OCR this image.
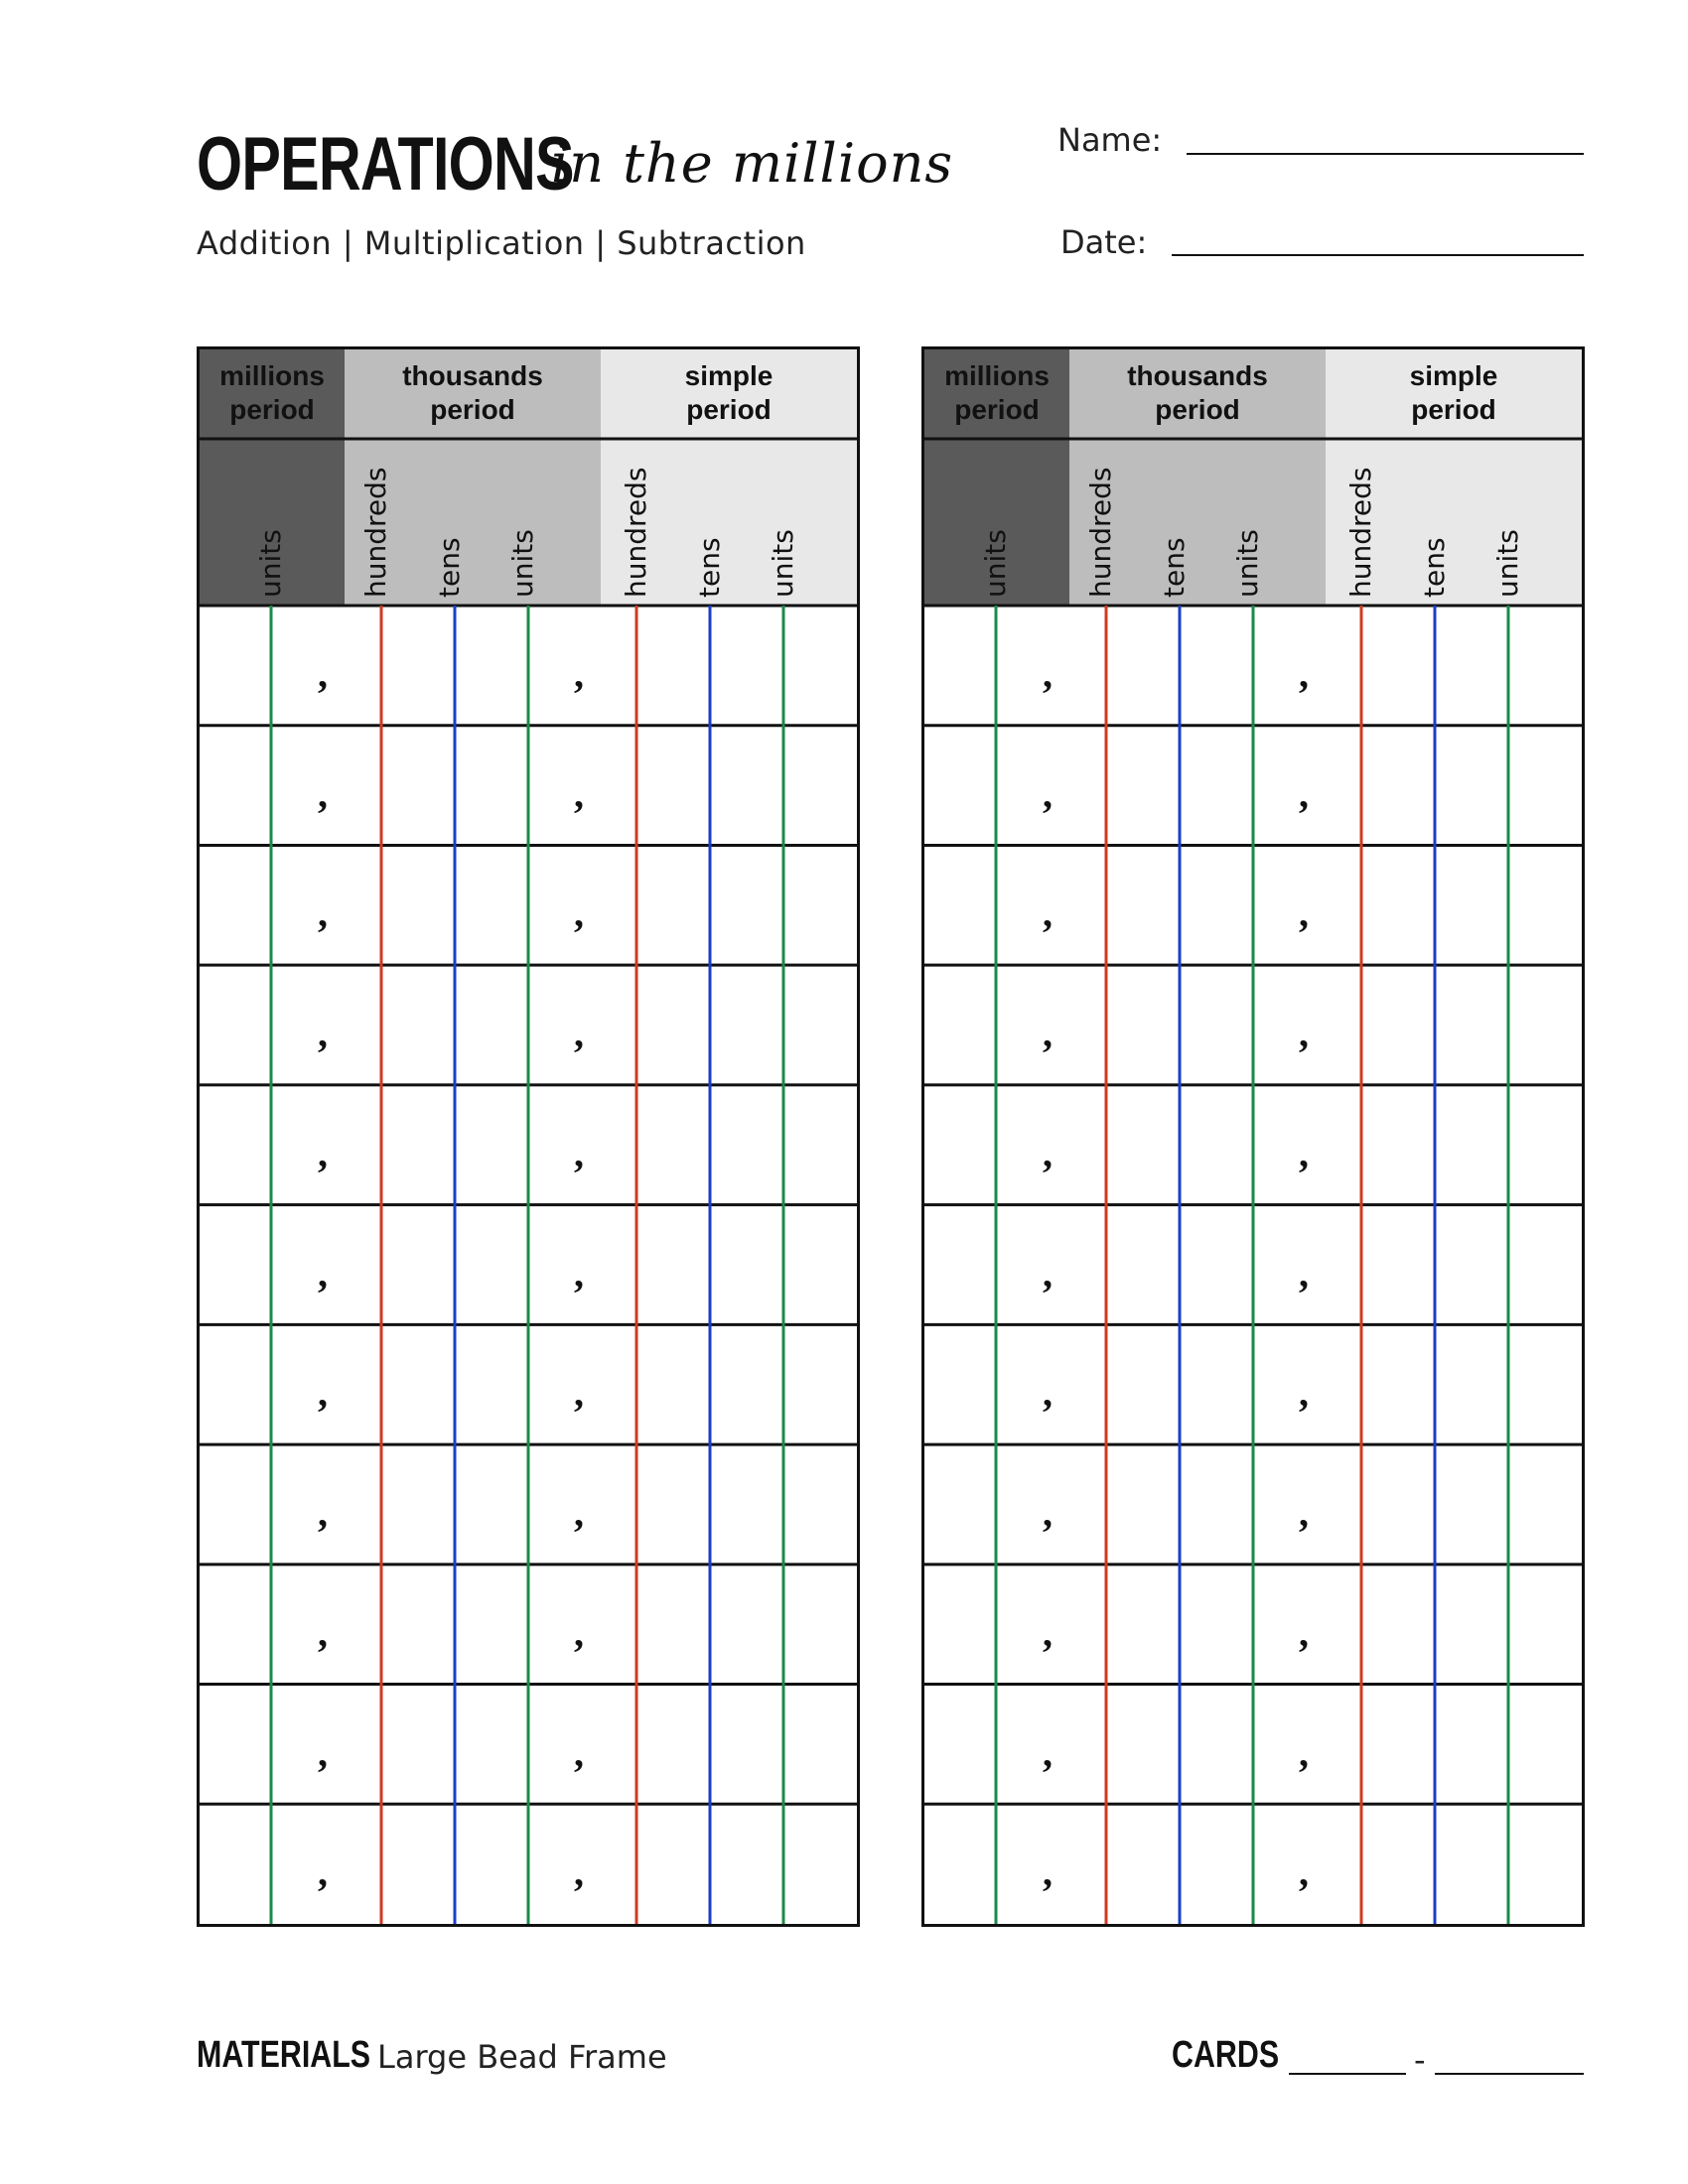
OPERATIONS
in the millions
Addition | Multiplication | Subtraction
Name:
Date:
millions
period
thousands
period
simple
period
units	hundreds tens units	hundreds tens units
,	,
,	,
,	,
,	,
,	,
,	,
,	,
,	,
,	,
,	,
,	,
millions
period
thousands
period
simple
period
units	hundreds tens units	hundreds tens units
,	,
,	,
,	,
,	,
,	,
,	,
,	,
,	,
,	,
,	,
,	,
MATERIALS Large Bead Frame	CARDS	-
